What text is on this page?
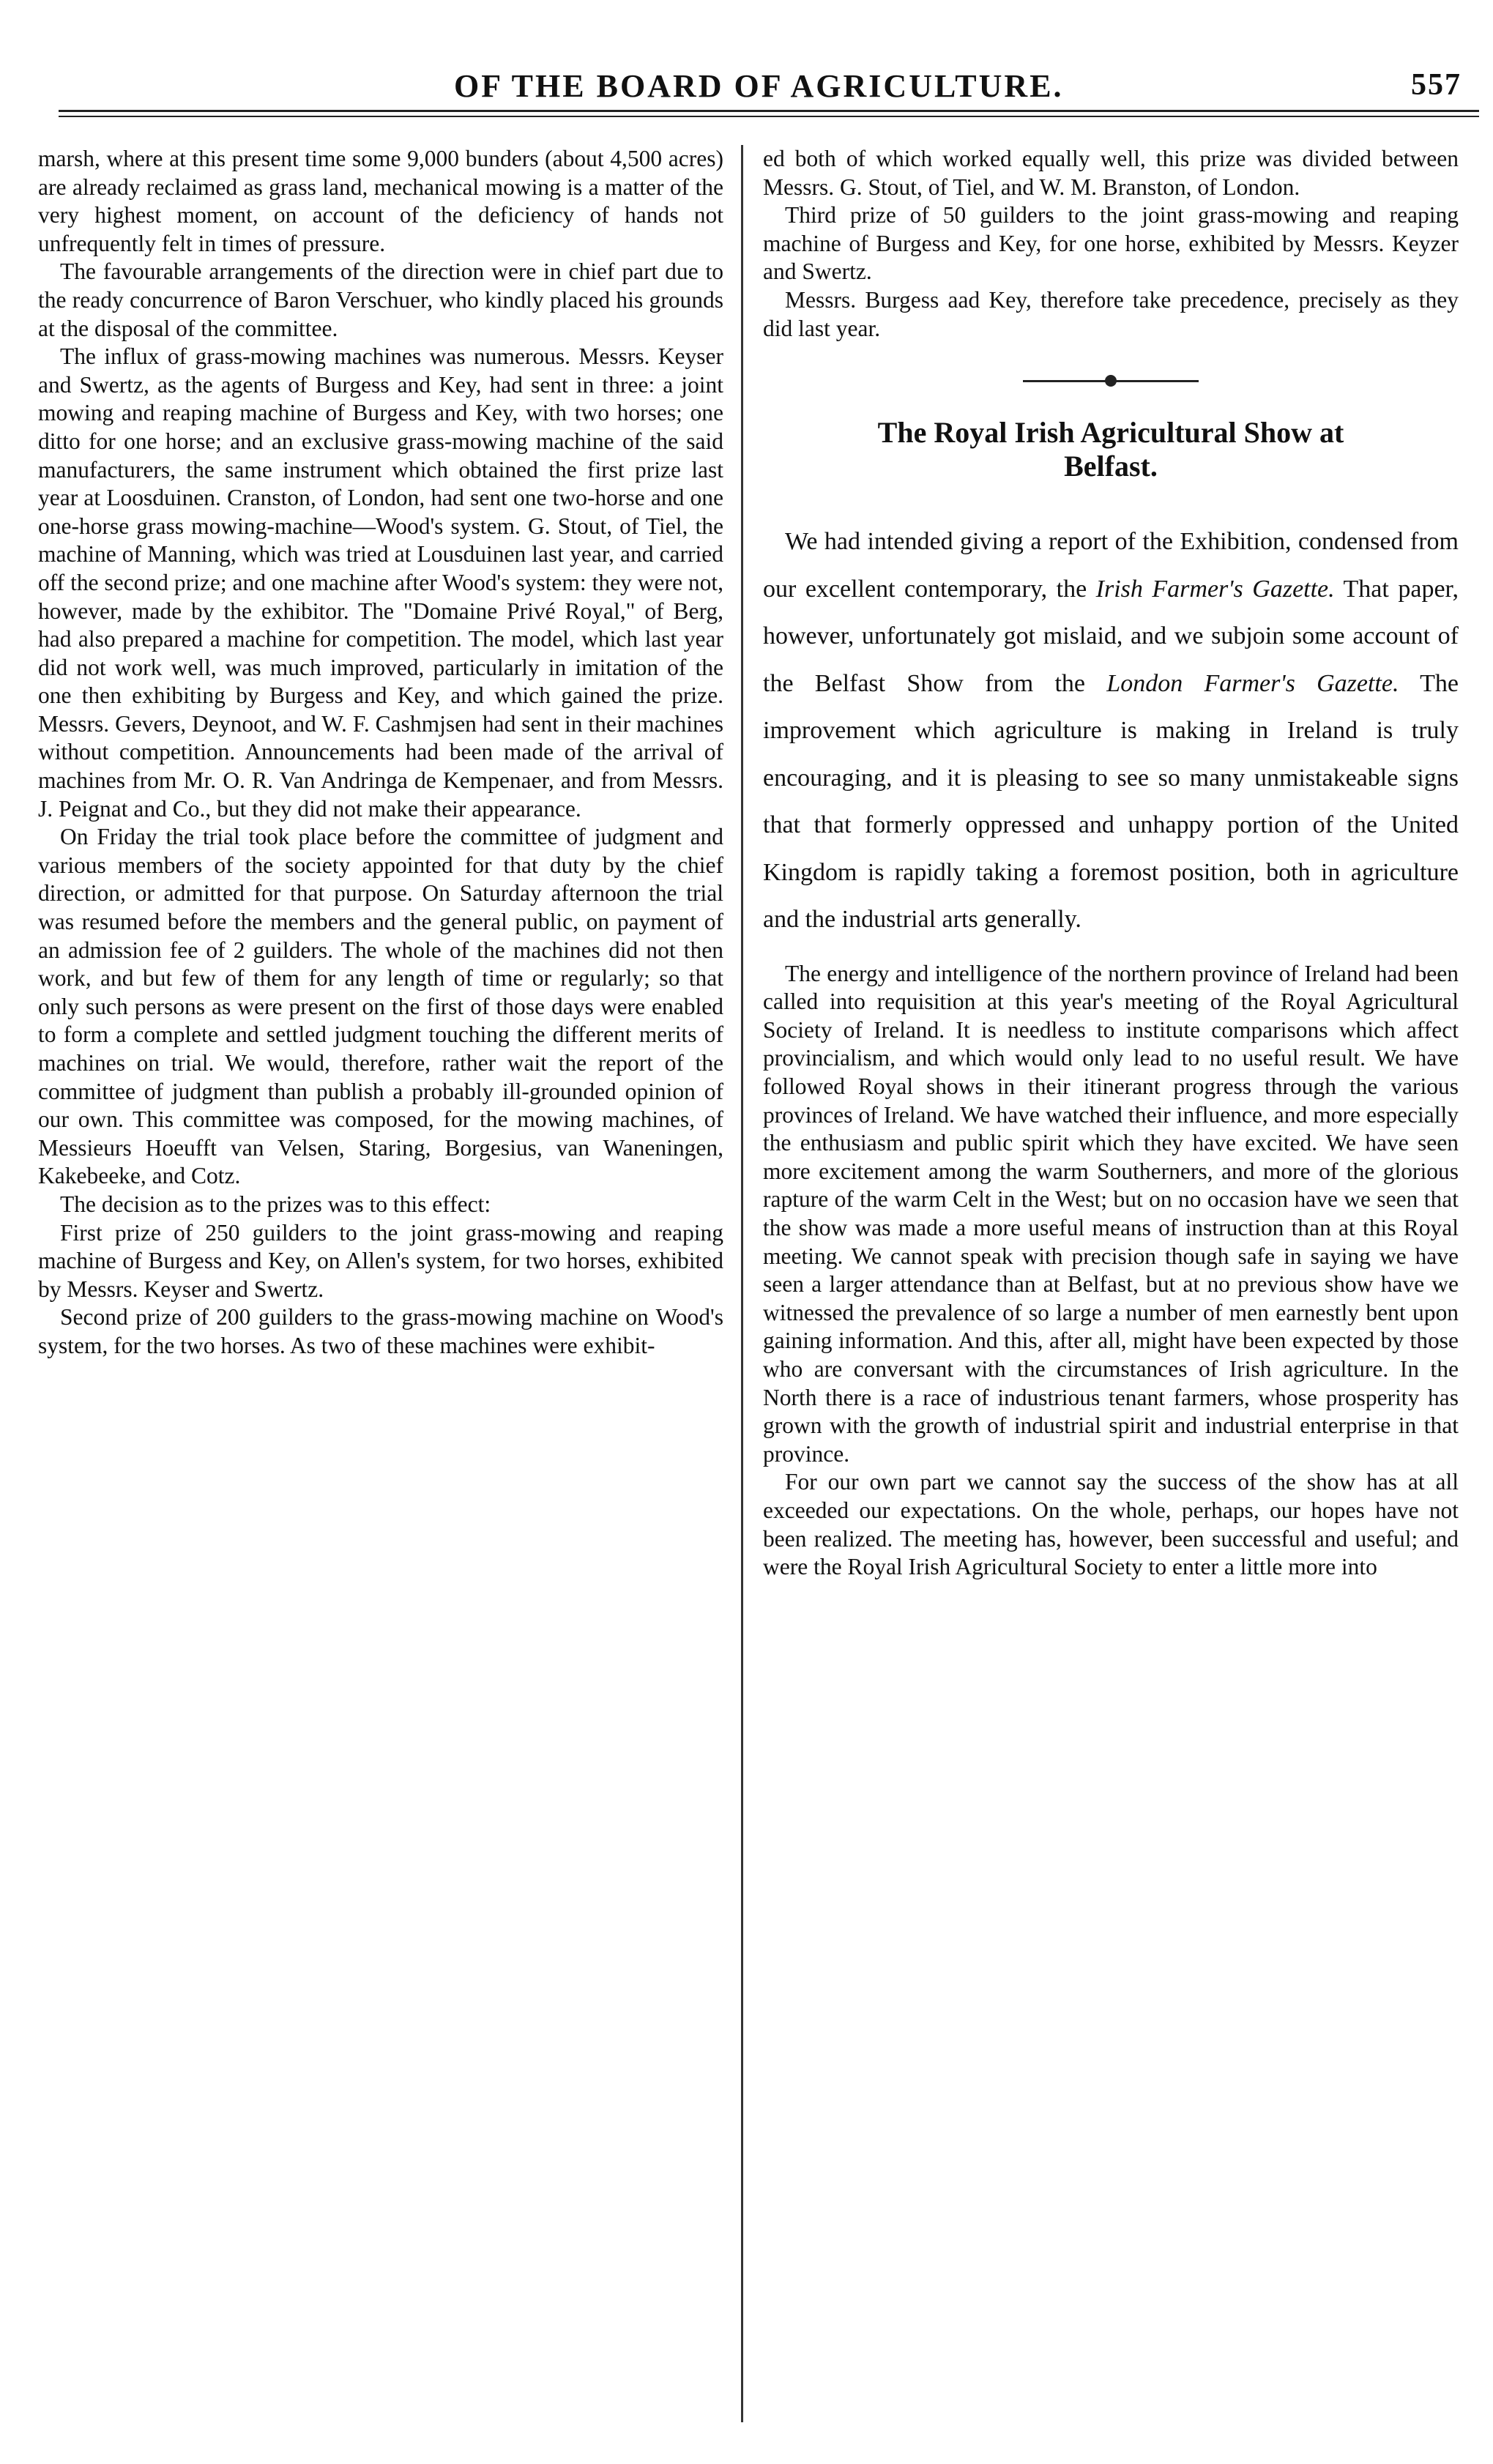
OF THE BOARD OF AGRICULTURE.	557

marsh, where at this present time some 9,000 bunders (about 4,500 acres) are already reclaimed as grass land, mechanical mowing is a matter of the very highest moment, on account of the deficiency of hands not unfrequently felt in times of pressure.

The favourable arrangements of the direction were in chief part due to the ready concurrence of Baron Verschuer, who kindly placed his grounds at the disposal of the committee.

The influx of grass-mowing machines was numerous. Messrs. Keyser and Swertz, as the agents of Burgess and Key, had sent in three: a joint mowing and reaping machine of Burgess and Key, with two horses; one ditto for one horse; and an exclusive grass-mowing machine of the said manufacturers, the same instrument which obtained the first prize last year at Loosduinen. Cranston, of London, had sent one two-horse and one one-horse grass mowing-machine—Wood's system. G. Stout, of Tiel, the machine of Manning, which was tried at Lousduinen last year, and carried off the second prize; and one machine after Wood's system: they were not, however, made by the exhibitor. The "Domaine Privé Royal," of Berg, had also prepared a machine for competition. The model, which last year did not work well, was much improved, particularly in imitation of the one then exhibiting by Burgess and Key, and which gained the prize. Messrs. Gevers, Deynoot, and W. F. Cashmjsen had sent in their machines without competition. Announcements had been made of the arrival of machines from Mr. O. R. Van Andringa de Kempenaer, and from Messrs. J. Peignat and Co., but they did not make their appearance.

On Friday the trial took place before the committee of judgment and various members of the society appointed for that duty by the chief direction, or admitted for that purpose. On Saturday afternoon the trial was resumed before the members and the general public, on payment of an admission fee of 2 guilders. The whole of the machines did not then work, and but few of them for any length of time or regularly; so that only such persons as were present on the first of those days were enabled to form a complete and settled judgment touching the different merits of machines on trial. We would, therefore, rather wait the report of the committee of judgment than publish a probably ill-grounded opinion of our own. This committee was composed, for the mowing machines, of Messieurs Hoeufft van Velsen, Staring, Borgesius, van Waneningen, Kakebeeke, and Cotz.

The decision as to the prizes was to this effect:

First prize of 250 guilders to the joint grass-mowing and reaping machine of Burgess and Key, on Allen's system, for two horses, exhibited by Messrs. Keyser and Swertz.

Second prize of 200 guilders to the grass-mowing machine on Wood's system, for the two horses. As two of these machines were exhibit-

ed both of which worked equally well, this prize was divided between Messrs. G. Stout, of Tiel, and W. M. Branston, of London.

Third prize of 50 guilders to the joint grass-mowing and reaping machine of Burgess and Key, for one horse, exhibited by Messrs. Keyzer and Swertz.

Messrs. Burgess aad Key, therefore take precedence, precisely as they did last year.

The Royal Irish Agricultural Show at
Belfast.

We had intended giving a report of the Exhibition, condensed from our excellent contemporary, the Irish Farmer's Gazette. That paper, however, unfortunately got mislaid, and we subjoin some account of the Belfast Show from the London Farmer's Gazette. The improvement which agriculture is making in Ireland is truly encouraging, and it is pleasing to see so many unmistakeable signs that that formerly oppressed and unhappy portion of the United Kingdom is rapidly taking a foremost position, both in agriculture and the industrial arts generally.

The energy and intelligence of the northern province of Ireland had been called into requisition at this year's meeting of the Royal Agricultural Society of Ireland. It is needless to institute comparisons which affect provincialism, and which would only lead to no useful result. We have followed Royal shows in their itinerant progress through the various provinces of Ireland. We have watched their influence, and more especially the enthusiasm and public spirit which they have excited. We have seen more excitement among the warm Southerners, and more of the glorious rapture of the warm Celt in the West; but on no occasion have we seen that the show was made a more useful means of instruction than at this Royal meeting. We cannot speak with precision though safe in saying we have seen a larger attendance than at Belfast, but at no previous show have we witnessed the prevalence of so large a number of men earnestly bent upon gaining information. And this, after all, might have been expected by those who are conversant with the circumstances of Irish agriculture. In the North there is a race of industrious tenant farmers, whose prosperity has grown with the growth of industrial spirit and industrial enterprise in that province.

For our own part we cannot say the success of the show has at all exceeded our expectations. On the whole, perhaps, our hopes have not been realized. The meeting has, however, been successful and useful; and were the Royal Irish Agricultural Society to enter a little more into
